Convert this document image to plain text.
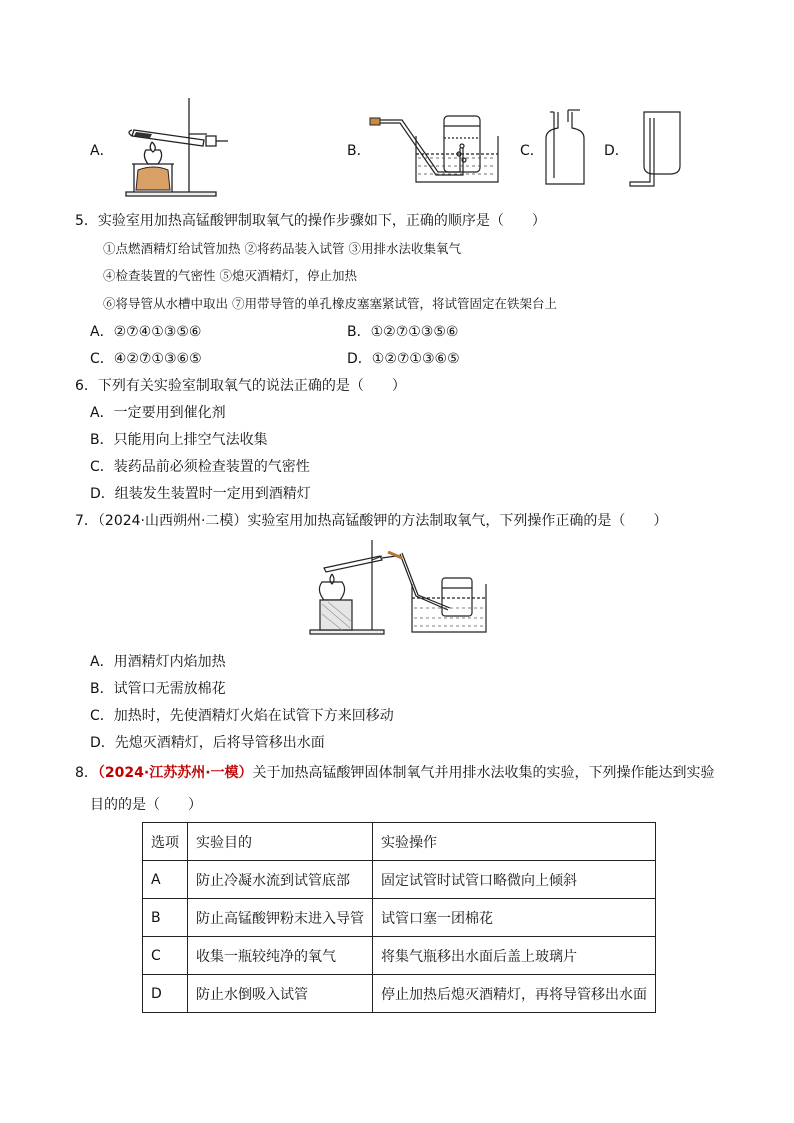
A．	B．	C．	D．
5．实验室用加热高锰酸钾制取氧气的操作步骤如下，正确的顺序是（　　）
①点燃酒精灯给试管加热 ②将药品装入试管 ③用排水法收集氧气
④检查装置的气密性 ⑤熄灭酒精灯，停止加热
⑥将导管从水槽中取出 ⑦用带导管的单孔橡皮塞塞紧试管，将试管固定在铁架台上
A．②⑦④①③⑤⑥	B．①②⑦①③⑤⑥
C．④②⑦①③⑥⑤	D．①②⑦①③⑥⑤
6．下列有关实验室制取氧气的说法正确的是（　　）
A．一定要用到催化剂
B．只能用向上排空气法收集
C．装药品前必须检查装置的气密性
D．组装发生装置时一定用到酒精灯
7．（2024·山西朔州·二模）实验室用加热高锰酸钾的方法制取氧气，下列操作正确的是（　　）
A．用酒精灯内焰加热
B．试管口无需放棉花
C．加热时，先使酒精灯火焰在试管下方来回移动
D．先熄灭酒精灯，后将导管移出水面
8．（2024·江苏苏州·一模）关于加热高锰酸钾固体制氧气并用排水法收集的实验，下列操作能达到实验
目的的是（　　）
选项	实验目的	实验操作
A	防止冷凝水流到试管底部	固定试管时试管口略微向上倾斜
B	防止高锰酸钾粉末进入导管	试管口塞一团棉花
C	收集一瓶较纯净的氧气	将集气瓶移出水面后盖上玻璃片
D	防止水倒吸入试管	停止加热后熄灭酒精灯，再将导管移出水面
